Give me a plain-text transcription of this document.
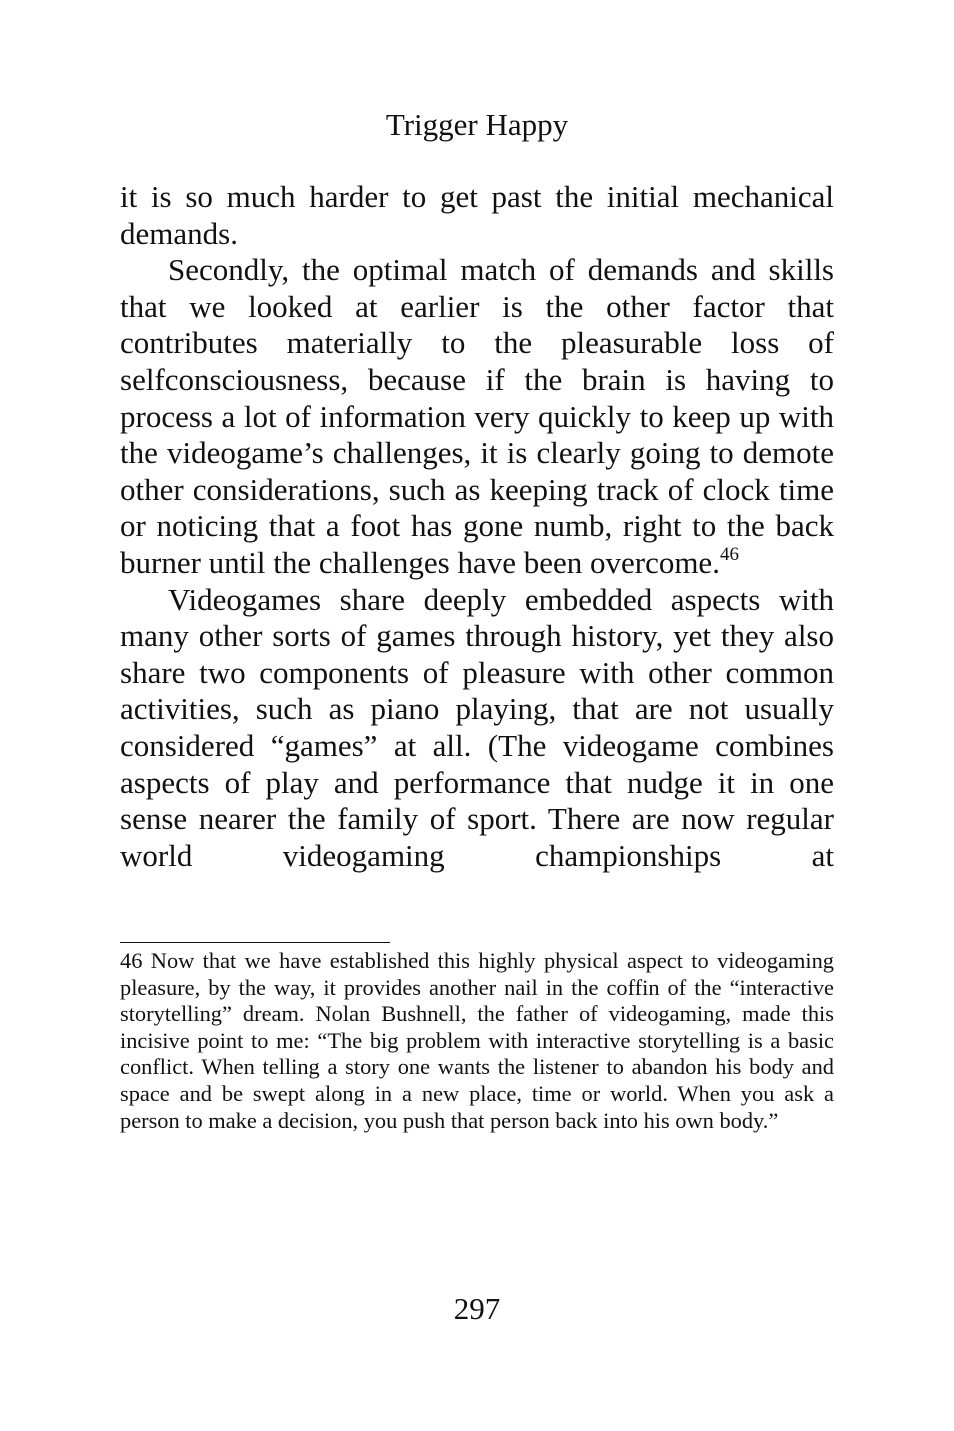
Trigger Happy

it is so much harder to get past the initial mechanical demands.

Secondly, the optimal match of demands and skills that we looked at earlier is the other factor that contributes materially to the pleasurable loss of selfconsciousness, because if the brain is having to process a lot of information very quickly to keep up with the videogame’s challenges, it is clearly going to demote other considerations, such as keeping track of clock time or noticing that a foot has gone numb, right to the back burner until the challenges have been overcome.$^{46}$

Videogames share deeply embedded aspects with many other sorts of games through history, yet they also share two components of pleasure with other common activities, such as piano playing, that are not usually considered “games” at all. (The videogame combines aspects of play and performance that nudge it in one sense nearer the family of sport. There are now regular world videogaming championships at

46 Now that we have established this highly physical aspect to videogaming pleasure, by the way, it provides another nail in the coffin of the “interactive storytelling” dream. Nolan Bushnell, the father of videogaming, made this incisive point to me: “The big problem with interactive storytelling is a basic conflict. When telling a story one wants the listener to abandon his body and space and be swept along in a new place, time or world. When you ask a person to make a decision, you push that person back into his own body.”

297
